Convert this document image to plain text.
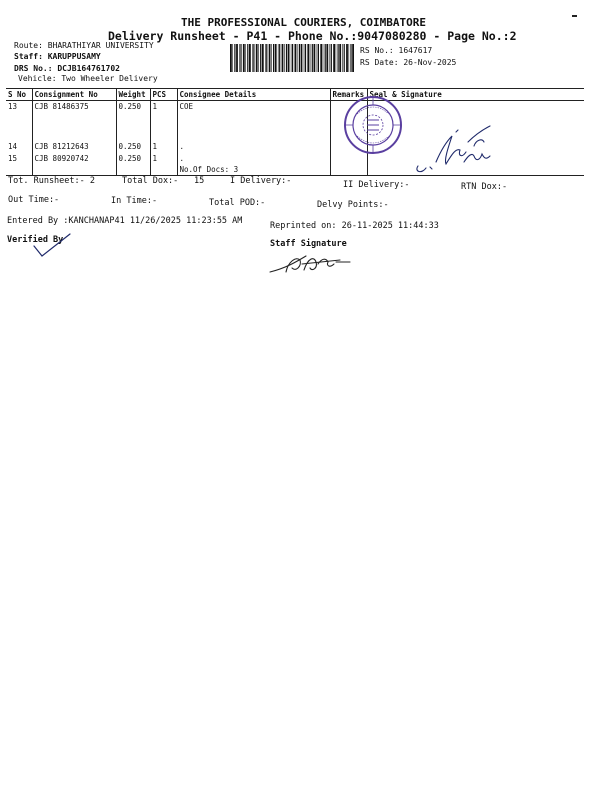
THE PROFESSIONAL COURIERS, COIMBATORE
Delivery Runsheet - P41 - Phone No.:9047080280 - Page No.:2
Route: BHARATHIYAR UNIVERSITY
Staff: KARUPPUSAMY
DRS No.: DCJB164761702
Vehicle: Two Wheeler Delivery
RS No.: 1647617
RS Date: 26-Nov-2025
S No	Consignment No	Weight	PCS	Consignee Details	Remarks	Seal & Signature
13	CJB 81486375	0.250	1	COE		
14	CJB 81212643	0.250	1	.		
15	CJB 80920742	0.250	1	.		
				No.Of Docs: 3		
Tot. Runsheet:- 2	Total Dox:- 15	I Delivery:-	II Delivery:-	RTN Dox:-
Out Time:-	In Time:-	Total POD:-	Delvy Points:-
Entered By :KANCHANAP41 11/26/2025 11:23:55 AM	Reprinted on: 26-11-2025 11:44:33
Verified By	Staff Signature
